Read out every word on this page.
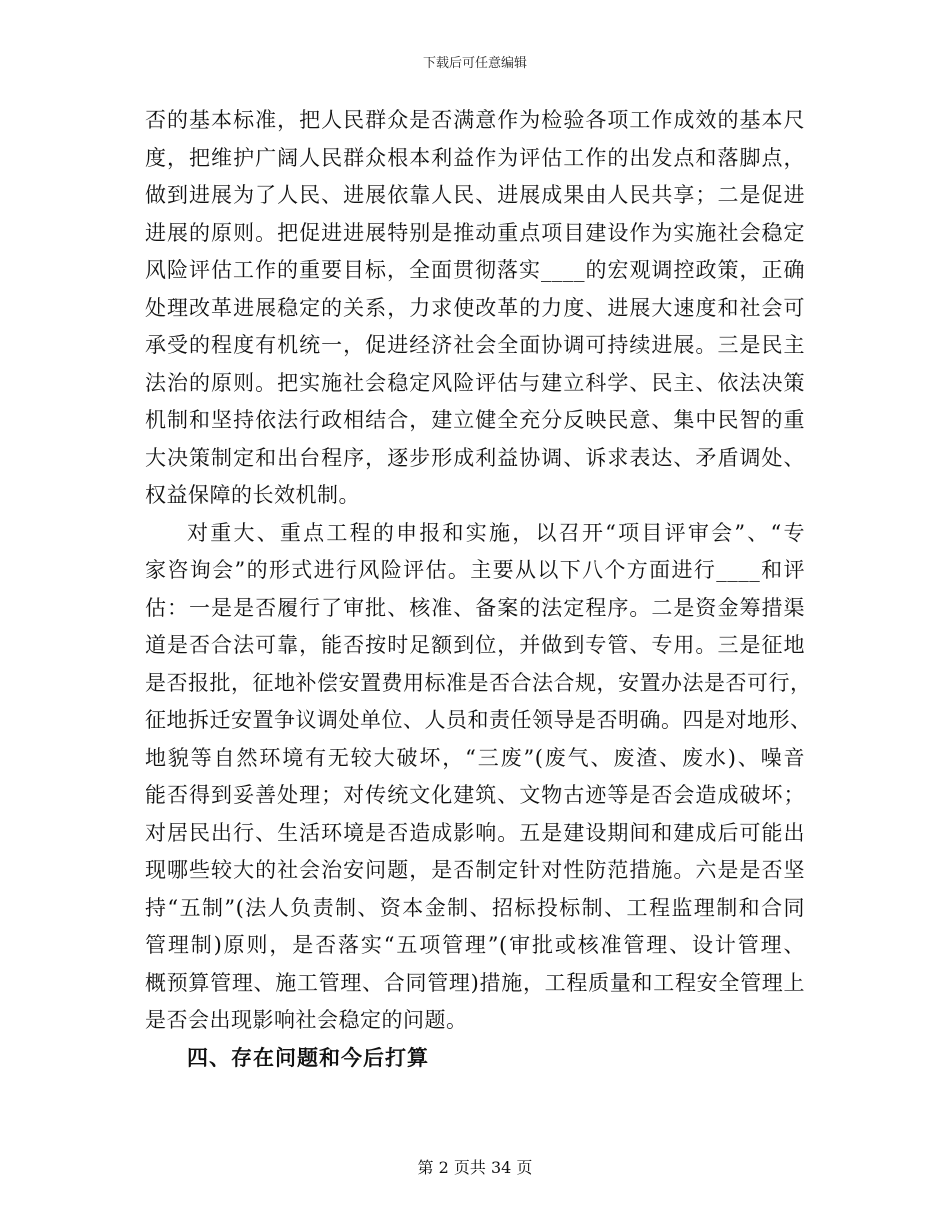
下载后可任意编辑
否的基本标准，把人民群众是否满意作为检验各项工作成效的基本尺
度，把维护广阔人民群众根本利益作为评估工作的出发点和落脚点，
做到进展为了人民、进展依靠人民、进展成果由人民共享；二是促进
进展的原则。把促进进展特别是推动重点项目建设作为实施社会稳定
风险评估工作的重要目标，全面贯彻落实____的宏观调控政策，正确
处理改革进展稳定的关系，力求使改革的力度、进展大速度和社会可
承受的程度有机统一，促进经济社会全面协调可持续进展。三是民主
法治的原则。把实施社会稳定风险评估与建立科学、民主、依法决策
机制和坚持依法行政相结合，建立健全充分反映民意、集中民智的重
大决策制定和出台程序，逐步形成利益协调、诉求表达、矛盾调处、
权益保障的长效机制。
对重大、重点工程的申报和实施，以召开“项目评审会”、“专
家咨询会”的形式进行风险评估。主要从以下八个方面进行____和评
估：一是是否履行了审批、核准、备案的法定程序。二是资金筹措渠
道是否合法可靠，能否按时足额到位，并做到专管、专用。三是征地
是否报批，征地补偿安置费用标准是否合法合规，安置办法是否可行，
征地拆迁安置争议调处单位、人员和责任领导是否明确。四是对地形、
地貌等自然环境有无较大破坏，“三废”(废气、废渣、废水)、噪音
能否得到妥善处理；对传统文化建筑、文物古迹等是否会造成破坏；
对居民出行、生活环境是否造成影响。五是建设期间和建成后可能出
现哪些较大的社会治安问题，是否制定针对性防范措施。六是是否坚
持“五制”(法人负责制、资本金制、招标投标制、工程监理制和合同
管理制)原则，是否落实“五项管理”(审批或核准管理、设计管理、
概预算管理、施工管理、合同管理)措施，工程质量和工程安全管理上
是否会出现影响社会稳定的问题。
四、存在问题和今后打算
第 2 页共 34 页
